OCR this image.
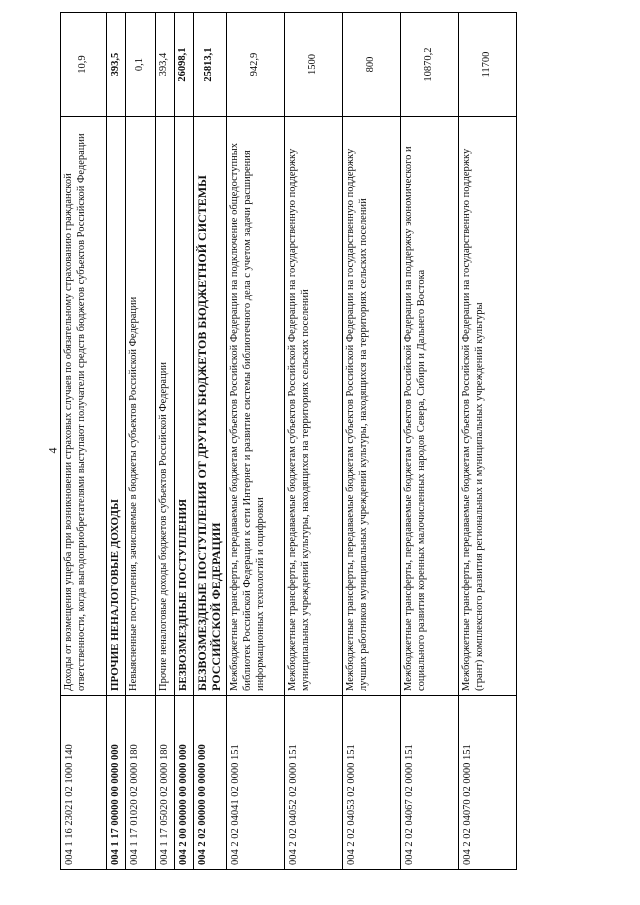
4
004 1 16 23021 02 1000 140	Доходы от возмещения ущерба при возникновении страховых случаев по обязательному страхованию гражданской ответственности, когда выгодоприобретателями выступают получатели средств бюджетов субъектов Российской Федерации	10,9
004 1 17 00000 00 0000 000	ПРОЧИЕ НЕНАЛОГОВЫЕ ДОХОДЫ	393,5
004 1 17 01020 02 0000 180	Невыясненные поступления, зачисляемые в бюджеты субъектов Российской Федерации	0,1
004 1 17 05020 02 0000 180	Прочие неналоговые доходы бюджетов субъектов Российской Федерации	393,4
004 2 00 00000 00 0000 000	БЕЗВОЗМЕЗДНЫЕ ПОСТУПЛЕНИЯ	26098,1
004 2 02 00000 00 0000 000	БЕЗВОЗМЕЗДНЫЕ ПОСТУПЛЕНИЯ ОТ ДРУГИХ БЮДЖЕТОВ БЮДЖЕТНОЙ СИСТЕМЫ РОССИЙСКОЙ ФЕДЕРАЦИИ	25813,1
004 2 02 04041 02 0000 151	Межбюджетные трансферты, передаваемые бюджетам субъектов Российской Федерации на подключение общедоступных библиотек Российской Федерации к сети Интернет и развитие системы библиотечного дела с учетом задачи расширения информационных технологий и оцифровки	942,9
004 2 02 04052 02 0000 151	Межбюджетные трансферты, передаваемые бюджетам субъектов Российской Федерации на государственную поддержку муниципальных учреждений культуры, находящихся на территориях сельских поселений	1500
004 2 02 04053 02 0000 151	Межбюджетные трансферты, передаваемые бюджетам субъектов Российской Федерации на государственную поддержку лучших работников муниципальных учреждений культуры, находящихся на территориях сельских поселений	800
004 2 02 04067 02 0000 151	Межбюджетные трансферты, передаваемые бюджетам субъектов Российской Федерации на поддержку экономического и социального развития коренных малочисленных народов Севера, Сибири и Дальнего Востока	10870,2
004 2 02 04070 02 0000 151	Межбюджетные трансферты, передаваемые бюджетам субъектов Российской Федерации на государственную поддержку (грант) комплексного развития региональных и муниципальных учреждений культуры	11700
